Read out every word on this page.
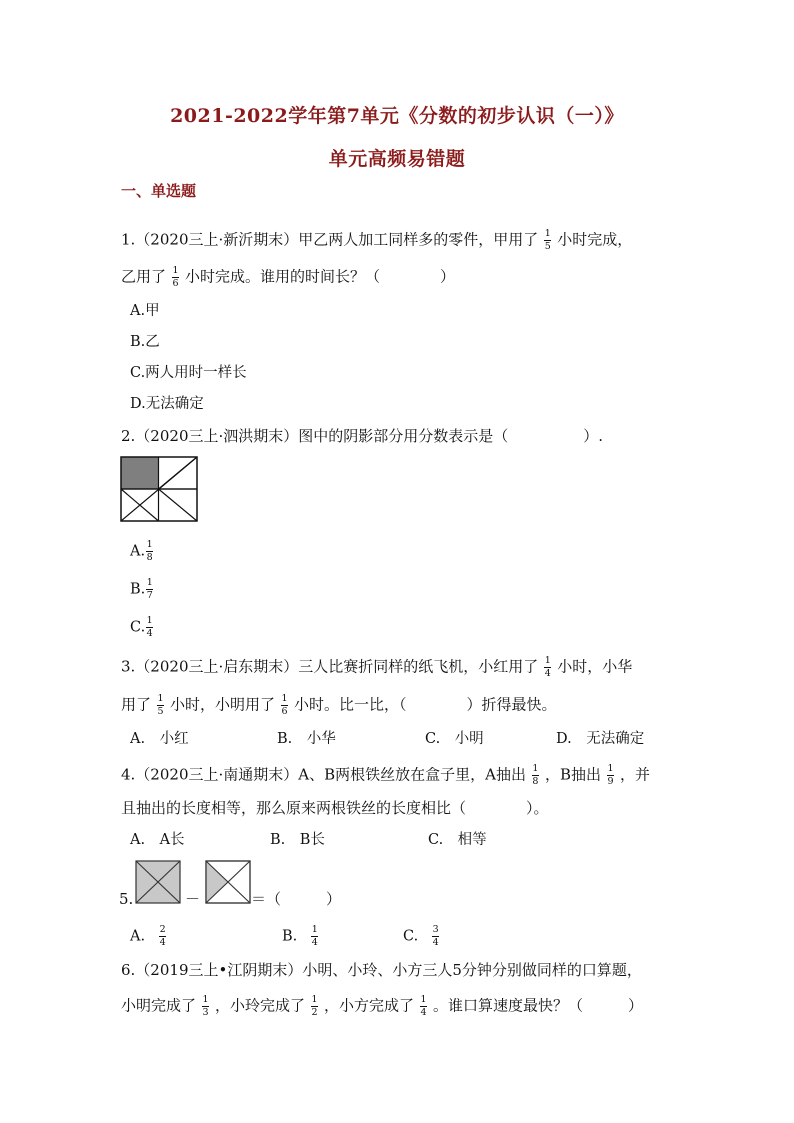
2021-2022学年第7单元《分数的初步认识（一）》
单元高频易错题
一、单选题
1.（2020三上·新沂期末）甲乙两人加工同样多的零件，甲用了 $\frac{1}{5}$ 小时完成，
乙用了 $\frac{1}{6}$ 小时完成。谁用的时间长？（　　　　）
A.甲
B.乙
C.两人用时一样长
D.无法确定
2.（2020三上·泗洪期末）图中的阴影部分用分数表示是（　　　　　）.
A. $\frac{1}{8}$
B. $\frac{1}{7}$
C. $\frac{1}{4}$
3.（2020三上·启东期末）三人比赛折同样的纸飞机，小红用了 $\frac{1}{4}$ 小时，小华
用了 $\frac{1}{5}$ 小时，小明用了 $\frac{1}{6}$ 小时。比一比，（　　　　）折得最快。
A.　小红	B.　小华	C.　小明	D.　无法确定
4.（2020三上·南通期末）A、B两根铁丝放在盒子里，A抽出 $\frac{1}{8}$ ，B抽出 $\frac{1}{9}$ ，并
且抽出的长度相等，那么原来两根铁丝的长度相比（　　　　）。
A.　A长	B.　B长	C.　相等
5.	－	＝（　　　）
A. $\frac{2}{4}$	B. $\frac{1}{4}$	C. $\frac{3}{4}$
6.（2019三上•江阴期末）小明、小玲、小方三人5分钟分别做同样的口算题，
小明完成了 $\frac{1}{3}$ ，小玲完成了 $\frac{1}{2}$ ，小方完成了 $\frac{1}{4}$ 。谁口算速度最快？（　　　）
